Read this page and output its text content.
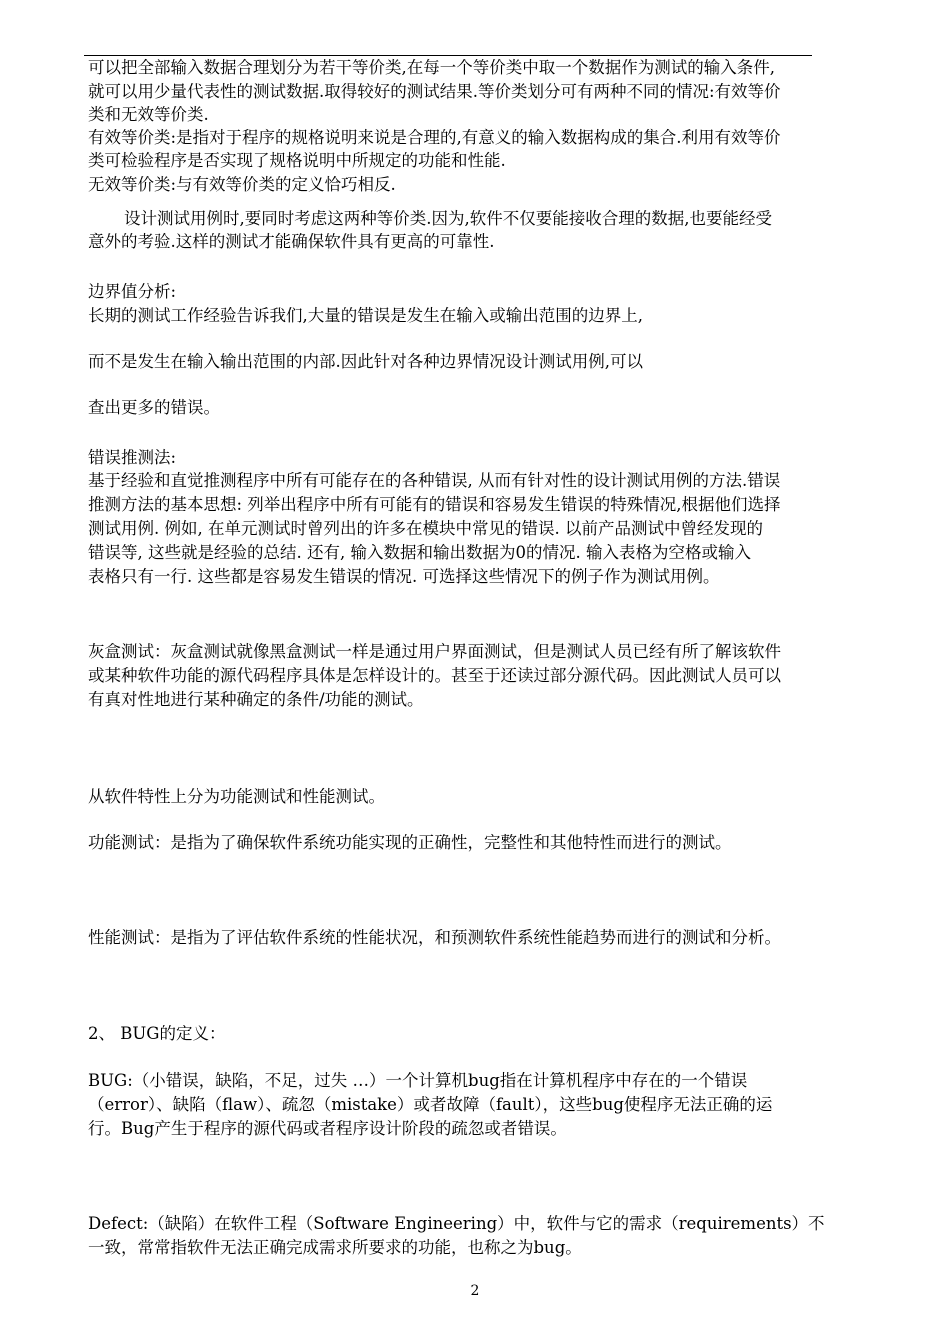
可以把全部输入数据合理划分为若干等价类,在每一个等价类中取一个数据作为测试的输入条件,
就可以用少量代表性的测试数据.取得较好的测试结果.等价类划分可有两种不同的情况:有效等价
类和无效等价类.
有效等价类:是指对于程序的规格说明来说是合理的,有意义的输入数据构成的集合.利用有效等价
类可检验程序是否实现了规格说明中所规定的功能和性能.
无效等价类:与有效等价类的定义恰巧相反.
设计测试用例时,要同时考虑这两种等价类.因为,软件不仅要能接收合理的数据,也要能经受
意外的考验.这样的测试才能确保软件具有更高的可靠性.
边界值分析:
长期的测试工作经验告诉我们,大量的错误是发生在输入或输出范围的边界上,
而不是发生在输入输出范围的内部.因此针对各种边界情况设计测试用例,可以
查出更多的错误。
错误推测法:
基于经验和直觉推测程序中所有可能存在的各种错误, 从而有针对性的设计测试用例的方法.错误
推测方法的基本思想: 列举出程序中所有可能有的错误和容易发生错误的特殊情况,根据他们选择
测试用例. 例如, 在单元测试时曾列出的许多在模块中常见的错误. 以前产品测试中曾经发现的
错误等, 这些就是经验的总结. 还有, 输入数据和输出数据为0的情况. 输入表格为空格或输入
表格只有一行. 这些都是容易发生错误的情况. 可选择这些情况下的例子作为测试用例。
灰盒测试：灰盒测试就像黑盒测试一样是通过用户界面测试，但是测试人员已经有所了解该软件
或某种软件功能的源代码程序具体是怎样设计的。甚至于还读过部分源代码。因此测试人员可以
有真对性地进行某种确定的条件/功能的测试。
从软件特性上分为功能测试和性能测试。
功能测试：是指为了确保软件系统功能实现的正确性，完整性和其他特性而进行的测试。
性能测试：是指为了评估软件系统的性能状况，和预测软件系统性能趋势而进行的测试和分析。
2、 BUG的定义：
BUG:（小错误，缺陷，不足，过失 …）一个计算机bug指在计算机程序中存在的一个错误
（error）、缺陷（flaw）、疏忽（mistake）或者故障（fault），这些bug使程序无法正确的运
行。Bug产生于程序的源代码或者程序设计阶段的疏忽或者错误。
Defect:（缺陷）在软件工程（Software Engineering）中，软件与它的需求（requirements）不
一致，常常指软件无法正确完成需求所要求的功能，也称之为bug。
2
